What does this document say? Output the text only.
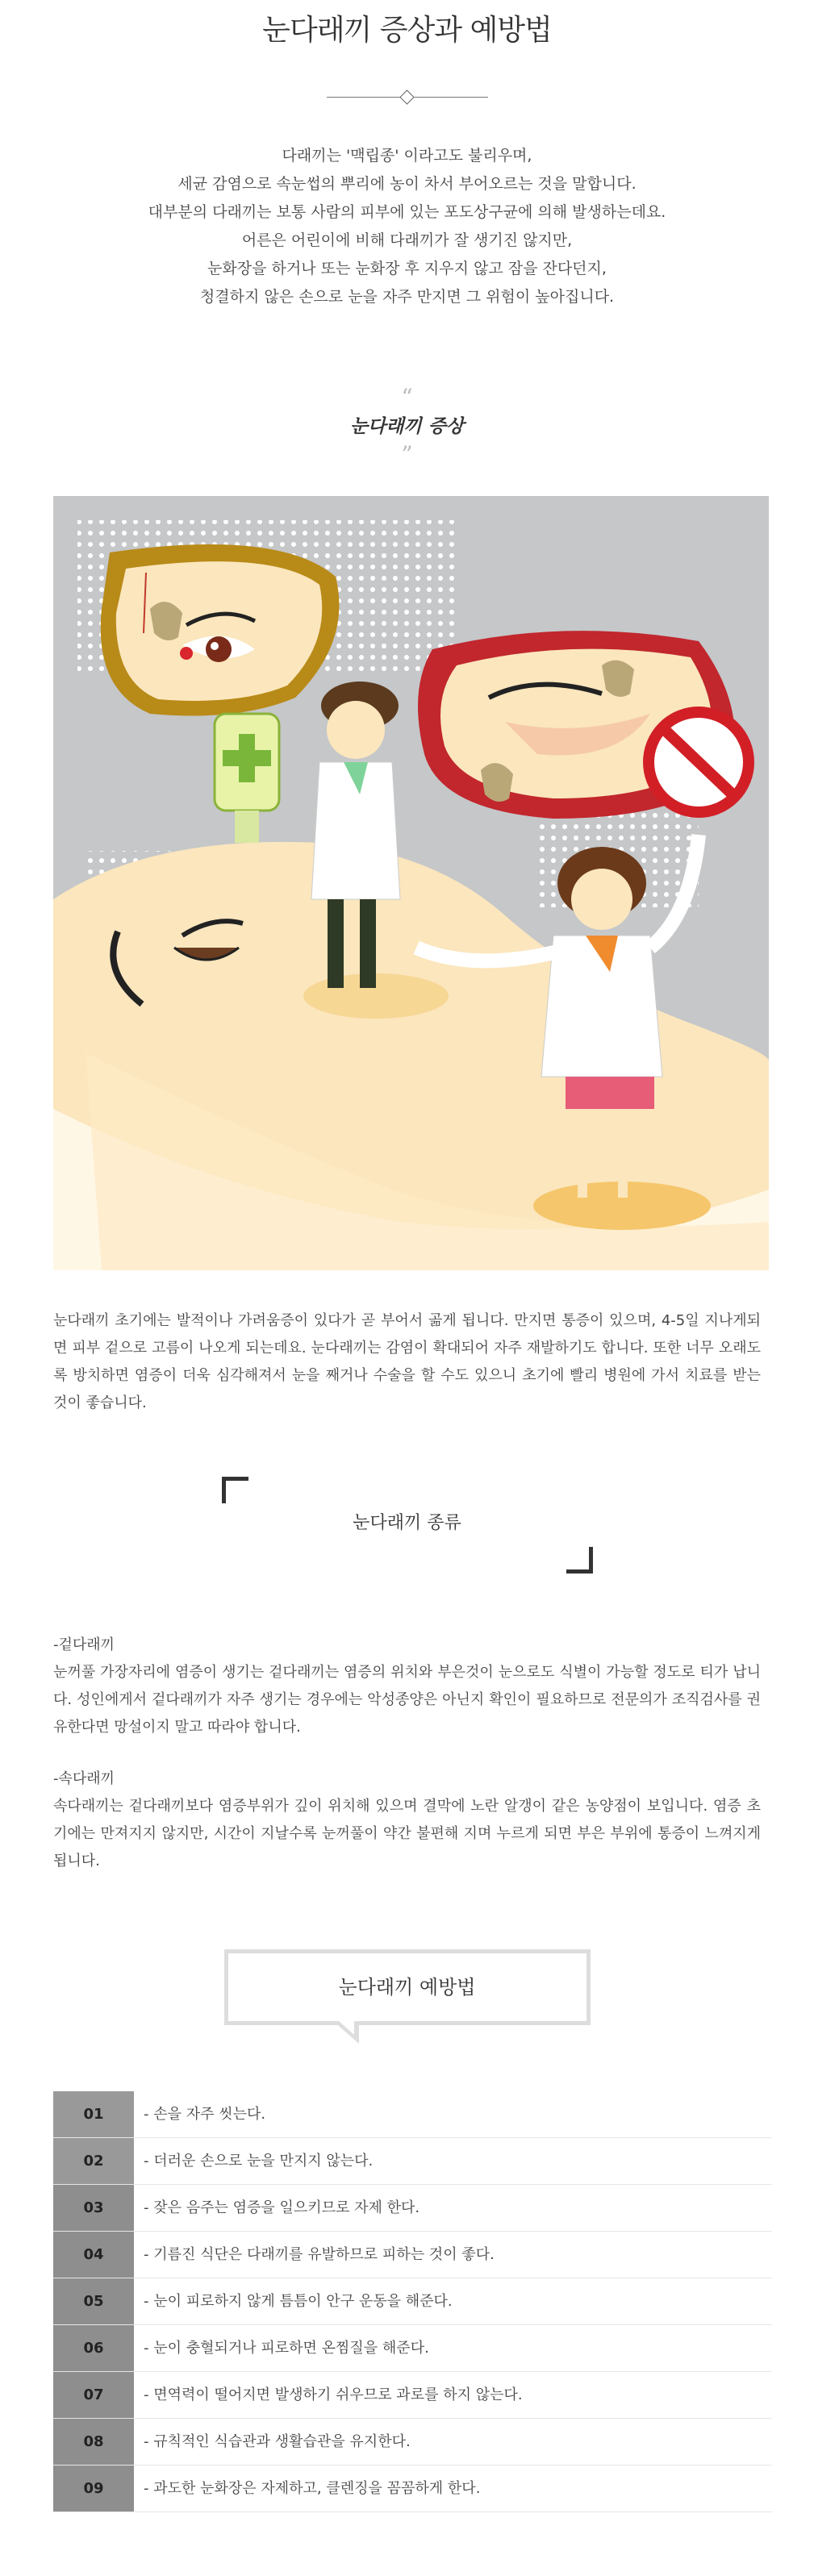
눈다래끼 증상과 예방법

다래끼는 '맥립종' 이라고도 불리우며,

세균 감염으로 속눈썹의 뿌리에 농이 차서 부어오르는 것을 말합니다.

대부분의 다래끼는 보통 사람의 피부에 있는 포도상구균에 의해 발생하는데요.

어른은 어린이에 비해 다래끼가 잘 생기진 않지만,

눈화장을 하거나 또는 눈화장 후 지우지 않고 잠을 잔다던지,

청결하지 않은 손으로 눈을 자주 만지면 그 위험이 높아집니다.

“
눈다래끼 증상
”
눈다래끼 초기에는 발적이나 가려움증이 있다가 곧 부어서 곪게 됩니다. 만지면 통증이 있으며, 4-5일 지나게되면 피부 겉으로 고름이 나오게 되는데요. 눈다래끼는 감염이 확대되어 자주 재발하기도 합니다. 또한 너무 오래도록 방치하면 염증이 더욱 심각해져서 눈을 째거나 수술을 할 수도 있으니 초기에 빨리 병원에 가서 치료를 받는 것이 좋습니다.
눈다래끼 종류

-겉다래끼

눈꺼풀 가장자리에 염증이 생기는 겉다래끼는 염증의 위치와 부은것이 눈으로도 식별이 가능할 정도로 티가 납니다. 성인에게서 겉다래끼가 자주 생기는 경우에는 악성종양은 아닌지 확인이 필요하므로 전문의가 조직검사를 권유한다면 망설이지 말고 따라야 합니다.

-속다래끼

속다래끼는 겉다래끼보다 염증부위가 깊이 위치해 있으며 결막에 노란 알갱이 같은 농양점이 보입니다. 염증 초기에는 만져지지 않지만, 시간이 지날수록 눈꺼풀이 약간 불편해 지며 누르게 되면 부은 부위에 통증이 느껴지게 됩니다.

눈다래끼 예방법
01	- 손을 자주 씻는다.
02	- 더러운 손으로 눈을 만지지 않는다.
03	- 잦은 음주는 염증을 일으키므로 자제 한다.
04	- 기름진 식단은 다래끼를 유발하므로 피하는 것이 좋다.
05	- 눈이 피로하지 않게 틈틈이 안구 운동을 해준다.
06	- 눈이 충혈되거나 피로하면 온찜질을 해준다.
07	- 면역력이 떨어지면 발생하기 쉬우므로 과로를 하지 않는다.
08	- 규칙적인 식습관과 생활습관을 유지한다.
09	- 과도한 눈화장은 자제하고, 클렌징을 꼼꼼하게 한다.
